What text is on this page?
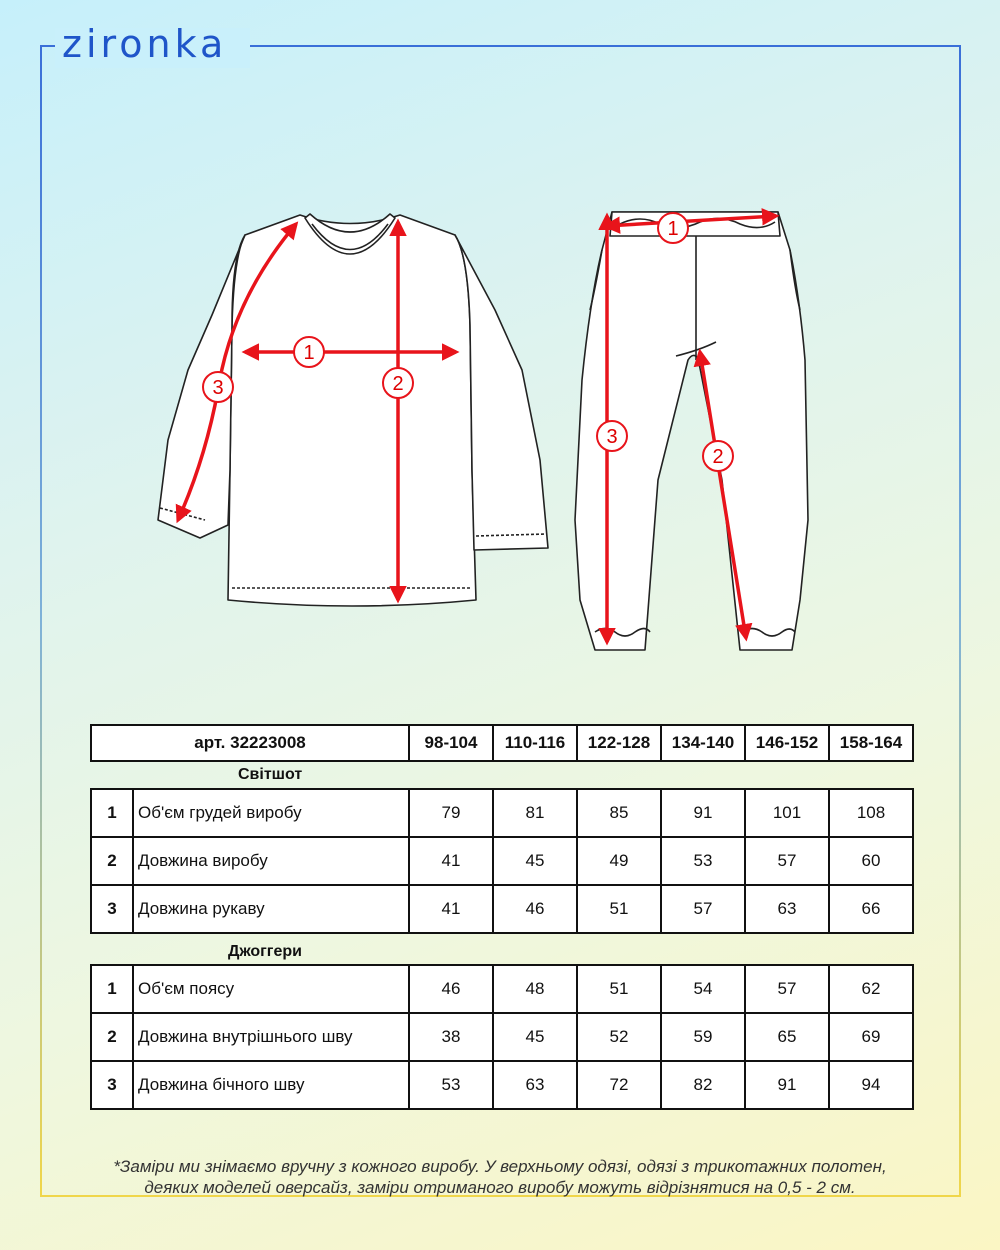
zironka
1
2
3
1
2
3
арт. 32223008	98-104	110-116	122-128	134-140	146-152	158-164
Світшот
1	Об'єм грудей виробу	79	81	85	91	101	108
2	Довжина виробу	41	45	49	53	57	60
3	Довжина рукаву	41	46	51	57	63	66
Джоггери
1	Об'єм поясу	46	48	51	54	57	62
2	Довжина внутрішнього шву	38	45	52	59	65	69
3	Довжина бічного шву	53	63	72	82	91	94
*Заміри ми знімаємо вручну з кожного виробу. У верхньому одязі, одязі з трикотажних полотен,
деяких моделей оверсайз, заміри отриманого виробу можуть відрізнятися на 0,5 - 2 см.
